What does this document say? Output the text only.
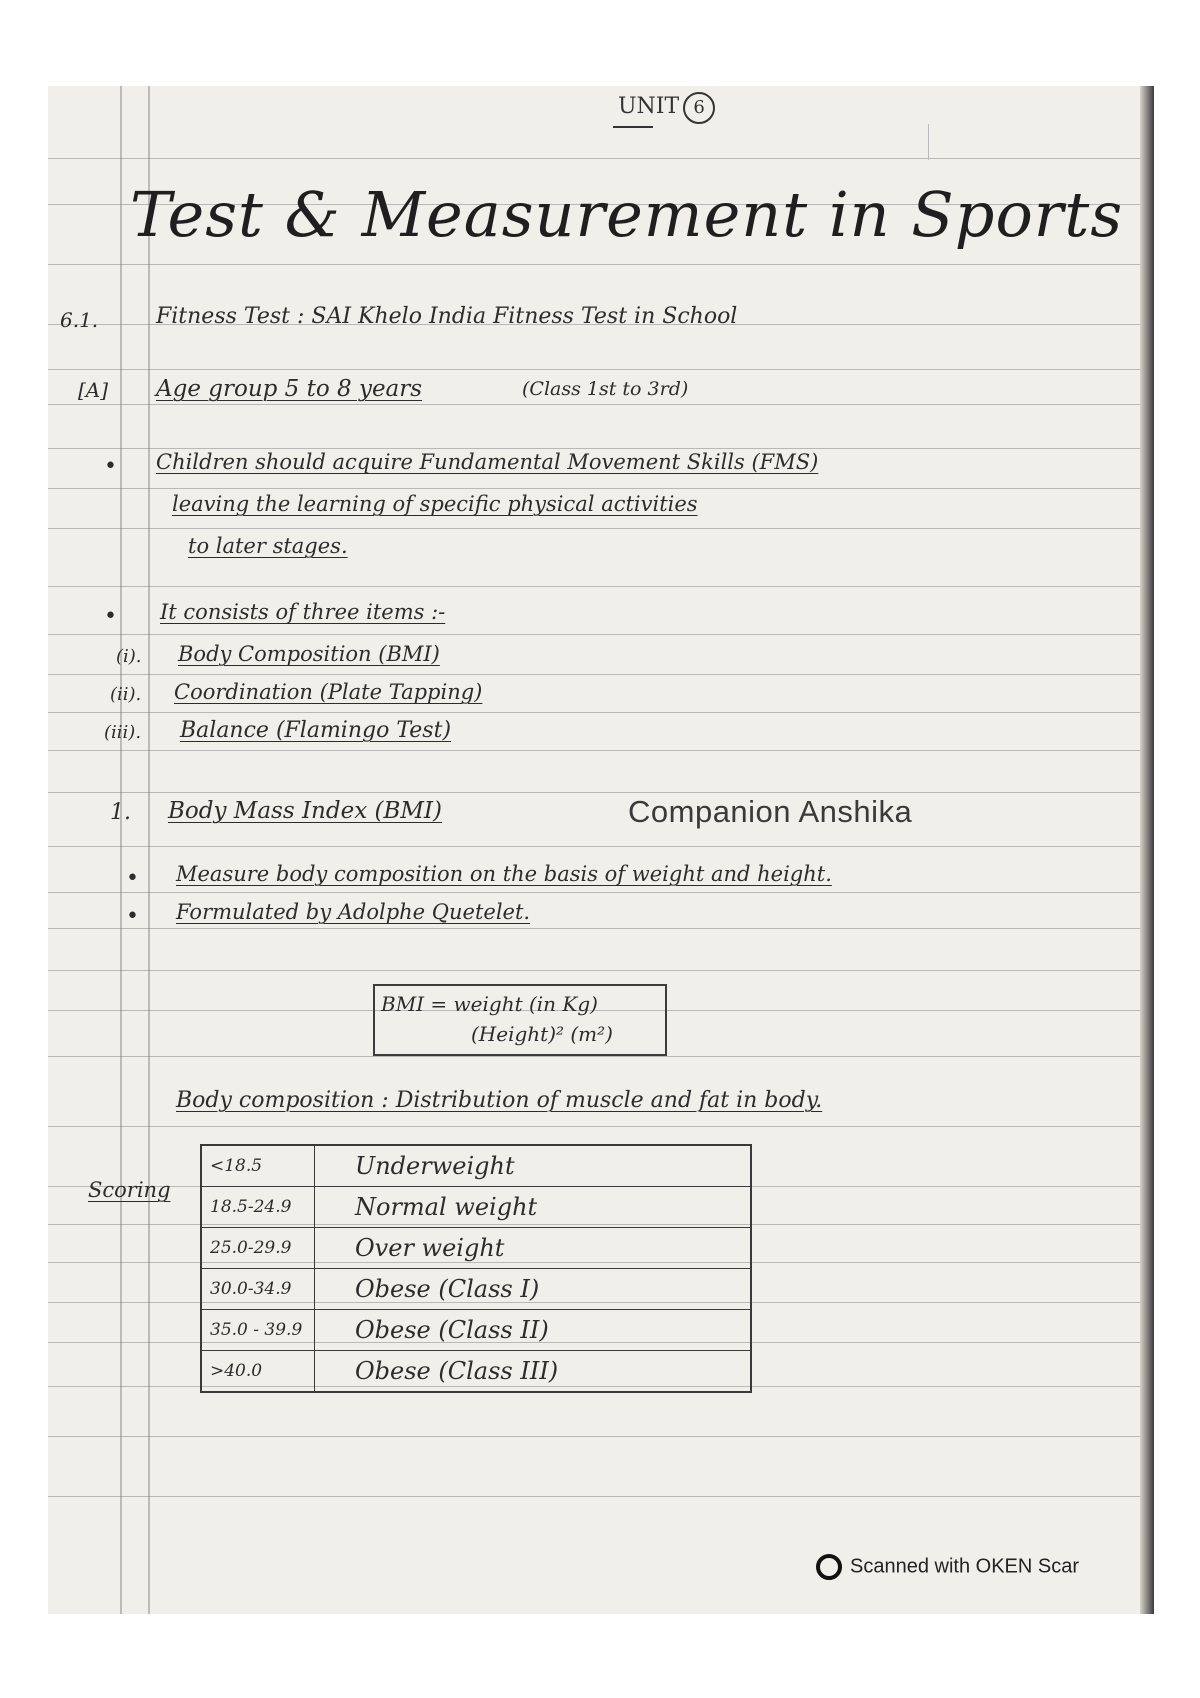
UNIT 6

Test & Measurement in Sports
6.1.	Fitness Test : SAI Khelo India Fitness Test in School
[A] Age group 5 to 8 years	(Class 1st to 3rd)
• Children should acquire Fundamental Movement Skills (FMS)
leaving the learning of specific physical activities
to later stages.
• It consists of three items :-
(i). Body Composition (BMI)
(ii). Coordination (Plate Tapping)
(iii). Balance (Flamingo Test)
Companion Anshika
1. Body Mass Index (BMI)
• Measure body composition on the basis of weight and height.
• Formulated by Adolphe Quetelet.
BMI = weight (in Kg)
(Height)² (m²)
Body composition : Distribution of muscle and fat in body.
Scoring
<18.5	Underweight
18.5-24.9	Normal weight
25.0-29.9	Over weight
30.0-34.9	Obese (Class I)
35.0 - 39.9	Obese (Class II)
>40.0	Obese (Class III)
Scanned with OKEN Scar
